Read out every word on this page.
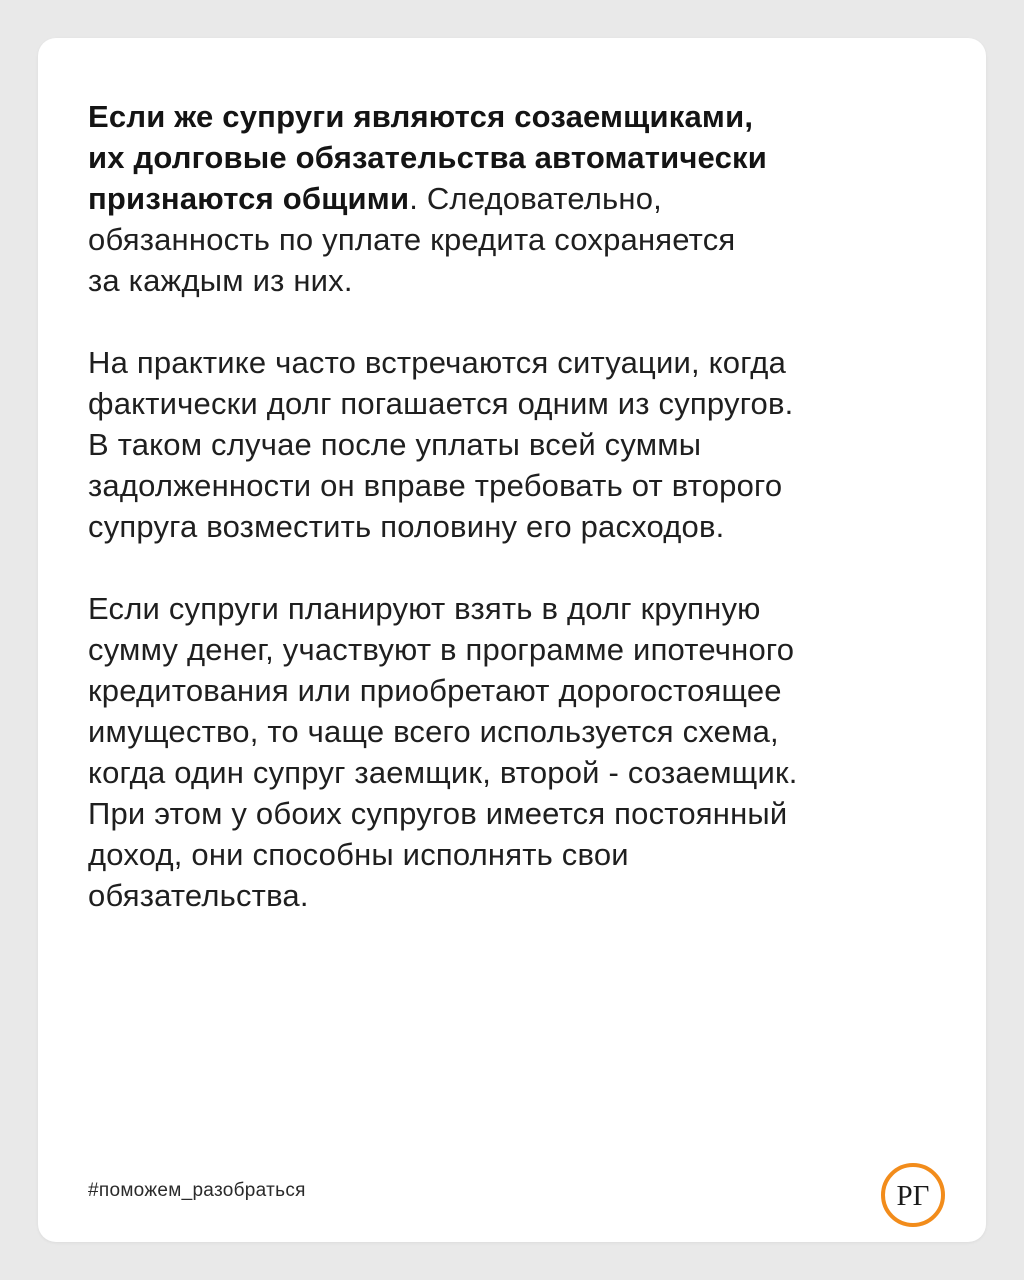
Если же супруги являются созаемщиками,
их долговые обязательства автоматически
признаются общими. Следовательно,
обязанность по уплате кредита сохраняется
за каждым из них.

На практике часто встречаются ситуации, когда
фактически долг погашается одним из супругов.
В таком случае после уплаты всей суммы
задолженности он вправе требовать от второго
супруга возместить половину его расходов.

Если супруги планируют взять в долг крупную
сумму денег, участвуют в программе ипотечного
кредитования или приобретают дорогостоящее
имущество, то чаще всего используется схема,
когда один супруг заемщик, второй - созаемщик.
При этом у обоих супругов имеется постоянный
доход, они способны исполнять свои
обязательства.

#поможем_разобраться	РГ
